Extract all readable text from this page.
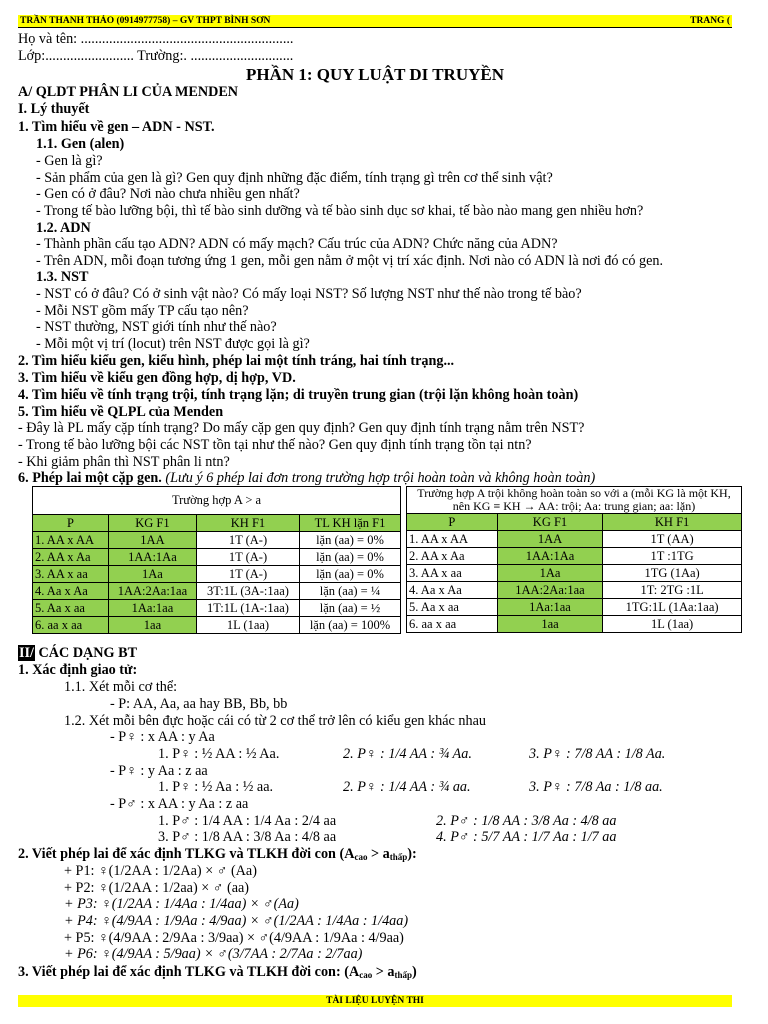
TRẦN THANH THẢO (0914977758) – GV THPT BÌNH SƠN	TRANG (
Họ và tên: ............................................................
Lớp:......................... Trường:. .............................
PHẦN 1: QUY LUẬT DI TRUYỀN
A/ QLDT PHÂN LI CỦA MENDEN
I. Lý thuyết
1. Tìm hiểu về gen – ADN - NST.
1.1. Gen (alen)
- Gen là gì?
- Sản phẩm của gen là gì? Gen quy định những đặc điểm, tính trạng gì trên cơ thể sinh vật?
- Gen có ở đâu? Nơi nào chưa nhiều gen nhất?
- Trong tế bào lưỡng bội, thì tế bào sinh dưỡng và tế bào sinh dục sơ khai, tế bào nào mang gen nhiều hơn?
1.2. ADN
- Thành phần cấu tạo ADN? ADN có mấy mạch? Cấu trúc của ADN? Chức năng của ADN?
- Trên ADN, mỗi đoạn tương ứng 1 gen, mỗi gen nằm ở một vị trí xác định. Nơi nào có ADN là nơi đó có gen.
1.3. NST
- NST có ở đâu? Có ở sinh vật nào? Có mấy loại NST? Số lượng NST như thế nào trong tế bào?
- Mỗi NST gồm mấy TP cấu tạo nên?
- NST thường, NST giới tính như thế nào?
- Mỗi một vị trí (locut) trên NST được gọi là gì?
2. Tìm hiểu kiểu gen, kiểu hình, phép lai một tính tráng, hai tính trạng...
3. Tìm hiểu về kiểu gen đồng hợp, dị hợp, VD.
4. Tìm hiểu về tính trạng trội, tính trạng lặn; di truyền trung gian (trội lặn không hoàn toàn)
5. Tìm hiểu về QLPL của Menden
- Đây là PL mấy cặp tính trạng? Do mấy cặp gen quy định? Gen quy định tính trạng nằm trên NST?
- Trong tế bào lưỡng bội các NST tồn tại như thế nào? Gen quy định tính trạng tồn tại ntn?
- Khi giảm phân thì NST phân li ntn?
6. Phép lai một cặp gen. (Lưu ý 6 phép lai đơn trong trường hợp trội hoàn toàn và không hoàn toàn)
Trường hợp A > a			
P	KG F1	KH F1	TL KH lặn F1
1. AA x AA	1AA	1T (A-)	lặn (aa) = 0%
2. AA x Aa	1AA:1Aa	1T (A-)	lặn (aa) = 0%
3. AA x aa	1Aa	1T (A-)	lặn (aa) = 0%
4. Aa x Aa	1AA:2Aa:1aa	3T:1L (3A-:1aa)	lặn (aa) = ¼
5. Aa x aa	1Aa:1aa	1T:1L (1A-:1aa)	lặn (aa) = ½
6. aa x aa	1aa	1L (1aa)	lặn (aa) = 100%
Trường hợp A trội không hoàn toàn so với a (mỗi KG là một KH,
nên KG ≡ KH → AA: trội; Aa: trung gian; aa: lặn)		

P	KG F1	KH F1
1. AA x AA	1AA	1T (AA)
2. AA x Aa	1AA:1Aa	1T :1TG
3. AA x aa	1Aa	1TG (1Aa)
4. Aa x Aa	1AA:2Aa:1aa	1T: 2TG :1L
5. Aa x aa	1Aa:1aa	1TG:1L (1Aa:1aa)
6. aa x aa	1aa	1L (1aa)
II/ CÁC DẠNG BT
1. Xác định giao tử:
1.1. Xét mỗi cơ thể:
- P: AA, Aa, aa hay BB, Bb, bb
1.2. Xét mỗi bên đực hoặc cái có từ 2 cơ thể trở lên có kiểu gen khác nhau
- P♀ : x AA : y Aa
1. P♀ : ½ AA : ½ Aa.	2. P♀ : 1/4 AA : ¾ Aa.	3. P♀ : 7/8 AA : 1/8 Aa.
- P♀ : y Aa : z aa
1. P♀ : ½ Aa : ½ aa.	2. P♀ : 1/4 AA : ¾ aa.	3. P♀ : 7/8 Aa : 1/8 aa.
- P♂ : x AA : y Aa : z aa
1. P♂ : 1/4 AA : 1/4 Aa : 2/4 aa	2. P♂ : 1/8 AA : 3/8 Aa : 4/8 aa
3. P♂ : 1/8 AA : 3/8 Aa : 4/8 aa	4. P♂ : 5/7 AA : 1/7 Aa : 1/7 aa
2. Viết phép lai để xác định TLKG và TLKH đời con $(A_{cao} > a_{thấp})$:
+ P1: ♀(1/2AA : 1/2Aa) × ♂ (Aa)
+ P2: ♀(1/2AA : 1/2aa) × ♂ (aa)
+ P3: ♀(1/2AA : 1/4Aa : 1/4aa) × ♂(Aa)
+ P4: ♀(4/9AA : 1/9Aa : 4/9aa) × ♂(1/2AA : 1/4Aa : 1/4aa)
+ P5: ♀(4/9AA : 2/9Aa : 3/9aa) × ♂(4/9AA : 1/9Aa : 4/9aa)
+ P6: ♀(4/9AA : 5/9aa) × ♂(3/7AA : 2/7Aa : 2/7aa)
3. Viết phép lai để xác định TLKG và TLKH đời con: $(A_{cao} > a_{thấp})$
TÀI LIỆU LUYỆN THI
